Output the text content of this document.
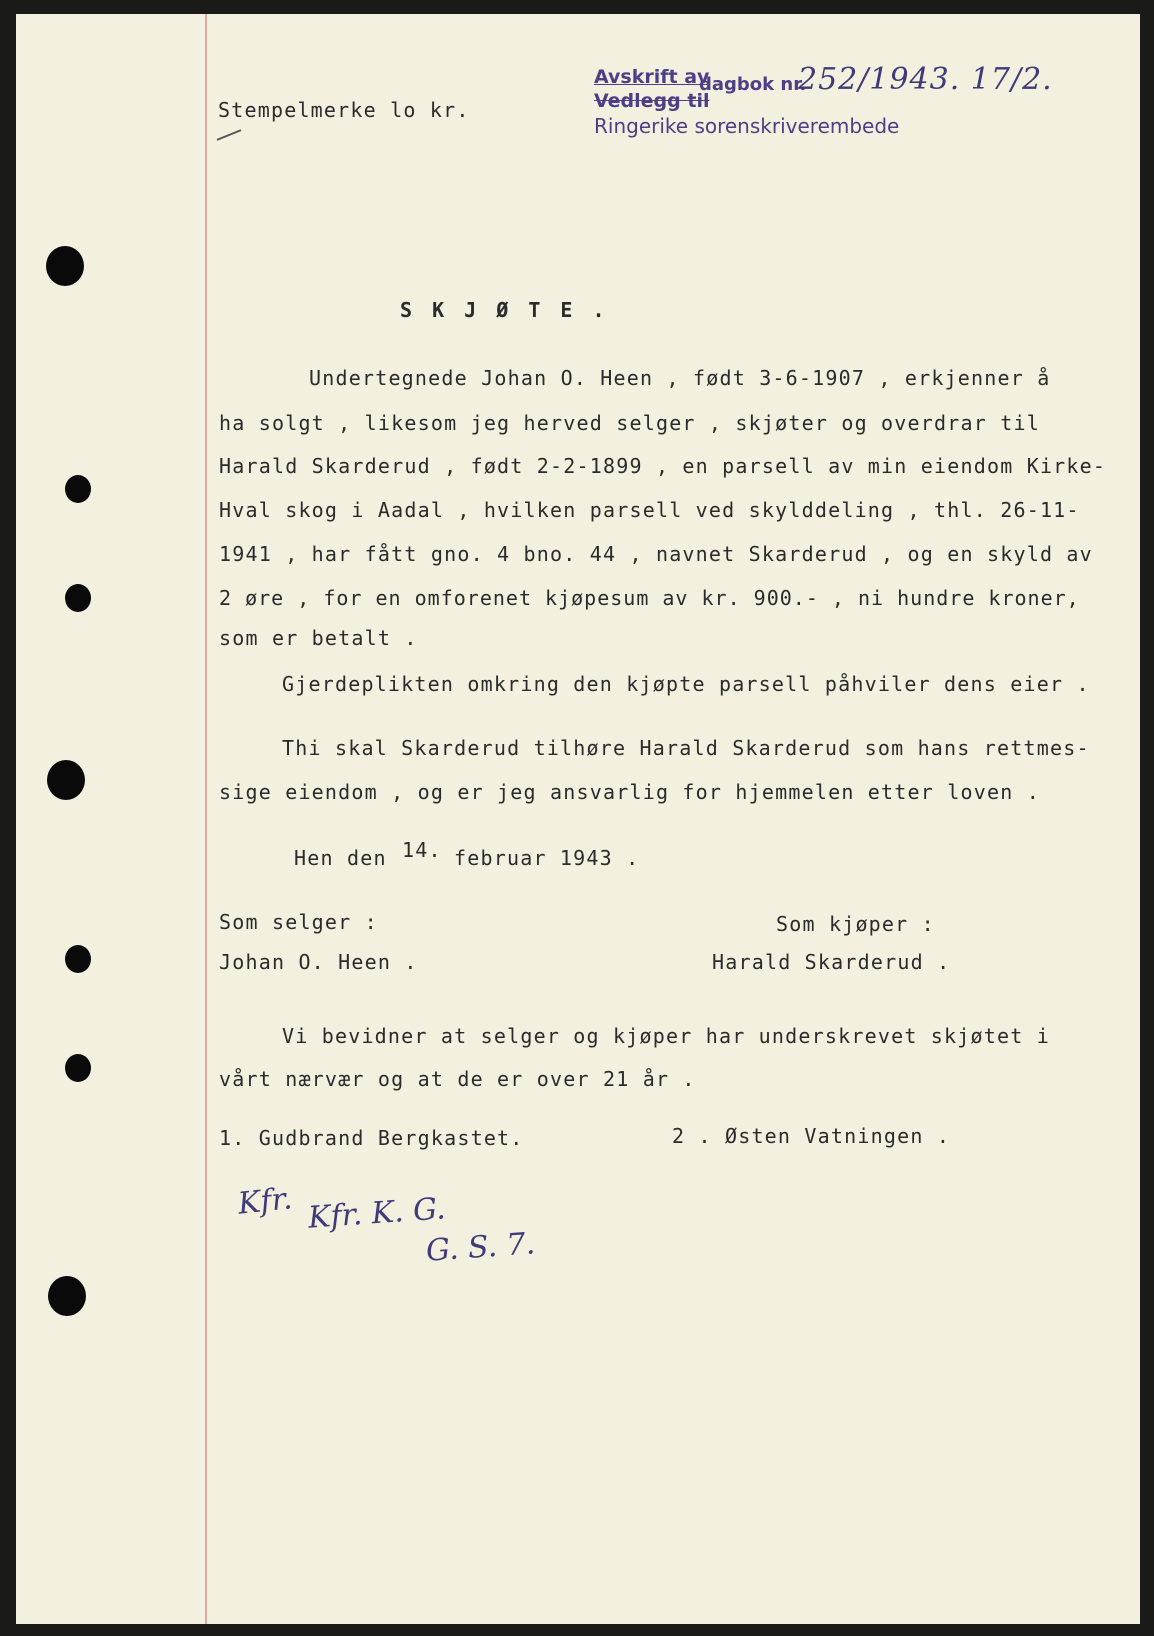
Stempelmerke lo kr.
Avskrift av
dagbok nr.
252/1943. 17/2.
Vedlegg til
Ringerike sorenskriverembede
S K J Ø T E .
Undertegnede Johan O. Heen , født 3-6-1907 , erkjenner å
ha solgt , likesom jeg herved selger , skjøter og overdrar til
Harald Skarderud , født 2-2-1899 , en parsell av min eiendom Kirke-
Hval skog i Aadal , hvilken parsell ved skylddeling , thl. 26-11-
1941 , har fått gno. 4 bno. 44 , navnet Skarderud , og en skyld av
2 øre , for en omforenet kjøpesum av kr. 900.- , ni hundre kroner,
som er betalt .
Gjerdeplikten omkring den kjøpte parsell påhviler dens eier .
Thi skal Skarderud tilhøre Harald Skarderud som hans rettmes-
sige eiendom , og er jeg ansvarlig for hjemmelen etter loven .
Hen den 14. februar 1943 .
Som selger :
Johan O. Heen .
Som kjøper :
Harald Skarderud .
Vi bevidner at selger og kjøper har underskrevet skjøtet i
vårt nærvær og at de er over 21 år .
1. Gudbrand Bergkastet.	2 . Østen Vatningen .
Kfr. Kfr. K. G.
G. S. 7.
